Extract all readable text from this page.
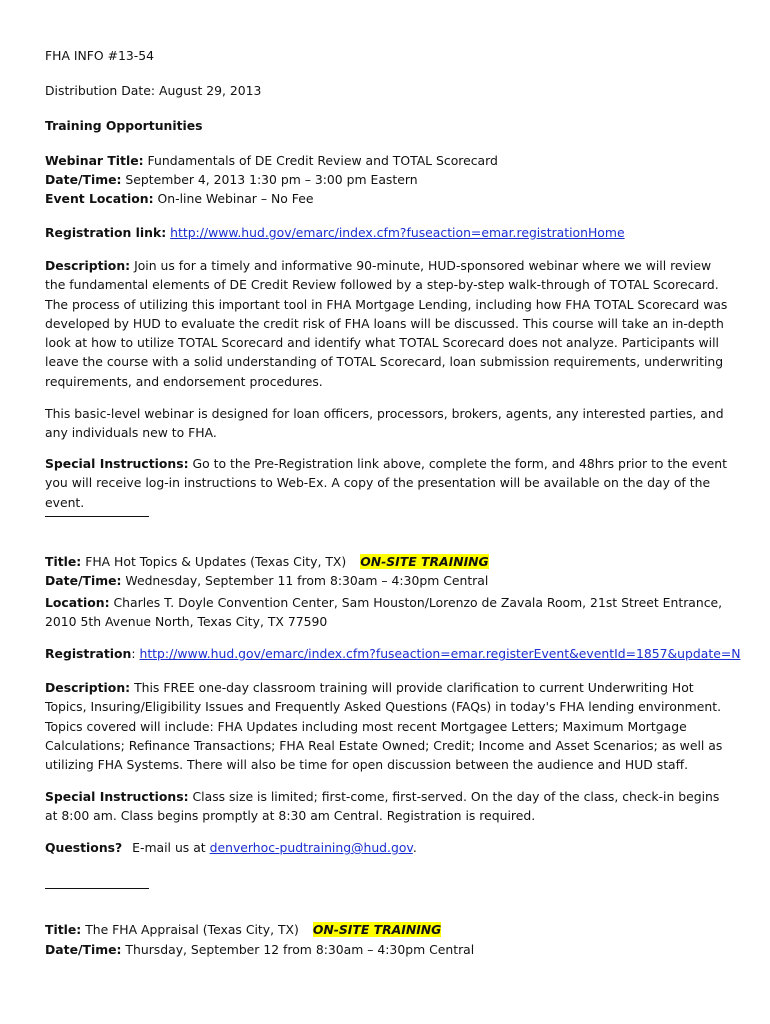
FHA INFO #13-54
Distribution Date: August 29, 2013
Training Opportunities
Webinar Title: Fundamentals of DE Credit Review and TOTAL Scorecard
Date/Time: September 4, 2013 1:30 pm – 3:00 pm Eastern
Event Location: On-line Webinar – No Fee
Registration link: http://www.hud.gov/emarc/index.cfm?fuseaction=emar.registrationHome
Description: Join us for a timely and informative 90-minute, HUD-sponsored webinar where we will review the fundamental elements of DE Credit Review followed by a step-by-step walk-through of TOTAL Scorecard. The process of utilizing this important tool in FHA Mortgage Lending, including how FHA TOTAL Scorecard was developed by HUD to evaluate the credit risk of FHA loans will be discussed. This course will take an in-depth look at how to utilize TOTAL Scorecard and identify what TOTAL Scorecard does not analyze. Participants will leave the course with a solid understanding of TOTAL Scorecard, loan submission requirements, underwriting requirements, and endorsement procedures.
This basic-level webinar is designed for loan officers, processors, brokers, agents, any interested parties, and any individuals new to FHA.
Special Instructions: Go to the Pre-Registration link above, complete the form, and 48hrs prior to the event you will receive log-in instructions to Web-Ex. A copy of the presentation will be available on the day of the event.
Title: FHA Hot Topics & Updates (Texas City, TX) ON-SITE TRAINING
Date/Time: Wednesday, September 11 from 8:30am – 4:30pm Central
Location: Charles T. Doyle Convention Center, Sam Houston/Lorenzo de Zavala Room, 21st Street Entrance,
2010 5th Avenue North, Texas City, TX 77590
Registration: http://www.hud.gov/emarc/index.cfm?fuseaction=emar.registerEvent&eventId=1857&update=N
Description: This FREE one-day classroom training will provide clarification to current Underwriting Hot Topics, Insuring/Eligibility Issues and Frequently Asked Questions (FAQs) in today's FHA lending environment. Topics covered will include: FHA Updates including most recent Mortgagee Letters; Maximum Mortgage Calculations; Refinance Transactions; FHA Real Estate Owned; Credit; Income and Asset Scenarios; as well as utilizing FHA Systems. There will also be time for open discussion between the audience and HUD staff.
Special Instructions: Class size is limited; first-come, first-served. On the day of the class, check-in begins at 8:00 am. Class begins promptly at 8:30 am Central. Registration is required.
Questions? E-mail us at denverhoc-pudtraining@hud.gov.
Title: The FHA Appraisal (Texas City, TX) ON-SITE TRAINING
Date/Time: Thursday, September 12 from 8:30am – 4:30pm Central
